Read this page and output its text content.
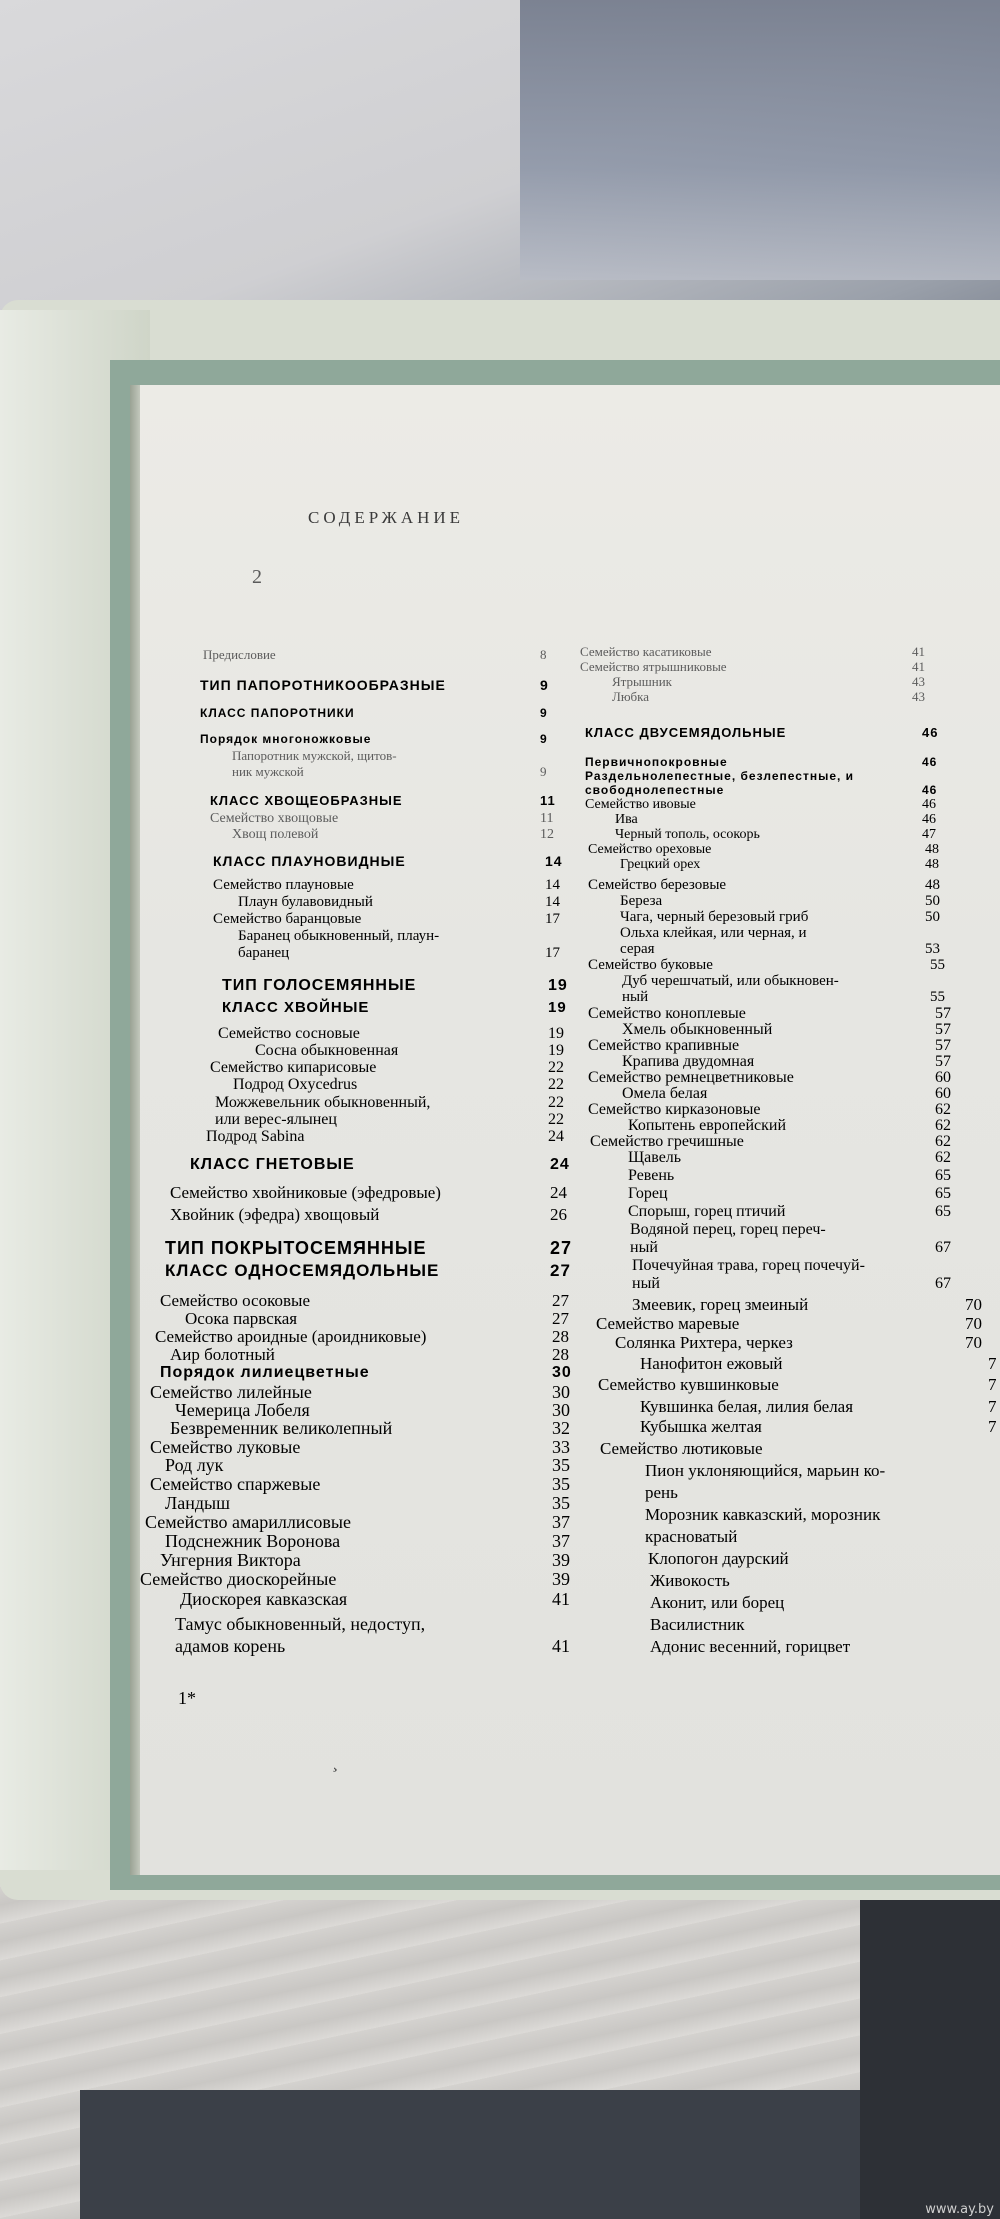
СОДЕРЖАНИЕ
2
Предисловие	8
ТИП ПАПОРОТНИКООБРАЗНЫЕ	9
КЛАСС ПАПОРОТНИКИ	9
Порядок многоножковые	9
Папоротник мужской, щитов-
ник мужской	9
КЛАСС ХВОЩЕОБРАЗНЫЕ	11
Семейство хвощовые	11
Хвощ полевой	12
КЛАСС ПЛАУНОВИДНЫЕ	14
Семейство плауновые	14
Плаун булавовидный	14
Семейство баранцовые	17
Баранец обыкновенный, плаун-
баранец	17
ТИП ГОЛОСЕМЯННЫЕ	19
КЛАСС ХВОЙНЫЕ	19
Семейство сосновые	19
Сосна обыкновенная	19
Семейство кипарисовые	22
Подрод Oxycedrus	22
Можжевельник обыкновенный,	22
или верес-ялынец	22
Подрод Sabina	24
КЛАСС ГНЕТОВЫЕ	24
Семейство хвойниковые (эфедровые)	24
Хвойник (эфедра) хвощовый	26
ТИП ПОКРЫТОСЕМЯННЫЕ	27
КЛАСС ОДНОСЕМЯДОЛЬНЫЕ	27
Семейство осоковые	27
Осока парвская	27
Семейство ароидные (ароидниковые)	28
Аир болотный	28
Порядок лилиецветные	30
Семейство лилейные	30
Чемерица Лобеля	30
Безвременник великолепный	32
Семейство луковые	33
Род лук	35
Семейство спаржевые	35
Ландыш	35
Семейство амариллисовые	37
Подснежник Воронова	37
Унгерния Виктора	39
Семейство диоскорейные	39
Диоскорея кавказская	41
Тамус обыкновенный, недоступ,
адамов корень	41
Семейство касатиковые	41
Семейство ятрышниковые	41
Ятрышник	43
Любка	43
КЛАСС ДВУСЕМЯДОЛЬНЫЕ	46
Первичнопокровные	46
Раздельнолепестные, безлепестные, и
свободнолепестные	46
Семейство ивовые	46
Ива	46
Черный тополь, осокорь	47
Семейство ореховые	48
Грецкий орех	48
Семейство березовые	48
Береза	50
Чага, черный березовый гриб	50
Ольха клейкая, или черная, и
серая	53
Семейство буковые	55
Дуб черешчатый, или обыкновен-
ный	55
Семейство коноплевые	57
Хмель обыкновенный	57
Семейство крапивные	57
Крапива двудомная	57
Семейство ремнецветниковые	60
Омела белая	60
Семейство кирказоновые	62
Копытень европейский	62
Семейство гречишные	62
Щавель	62
Ревень	65
Горец	65
Спорыш, горец птичий	65
Водяной перец, горец переч-
ный	67
Почечуйная трава, горец почечуй-
ный	67
Змеевик, горец змеиный	70
Семейство маревые	70
Солянка Рихтера, черкез	70
Нанофитон ежовый	7
Семейство кувшинковые	7
Кувшинка белая, лилия белая	7
Кубышка желтая	7
Семейство лютиковые
Пион уклоняющийся, марьин ко-
рень
Морозник кавказский, морозник
красноватый
Клопогон даурский
Живокость
Аконит, или борец
Василистник
Адонис весенний, горицвет
1*
¸
www.ay.by
